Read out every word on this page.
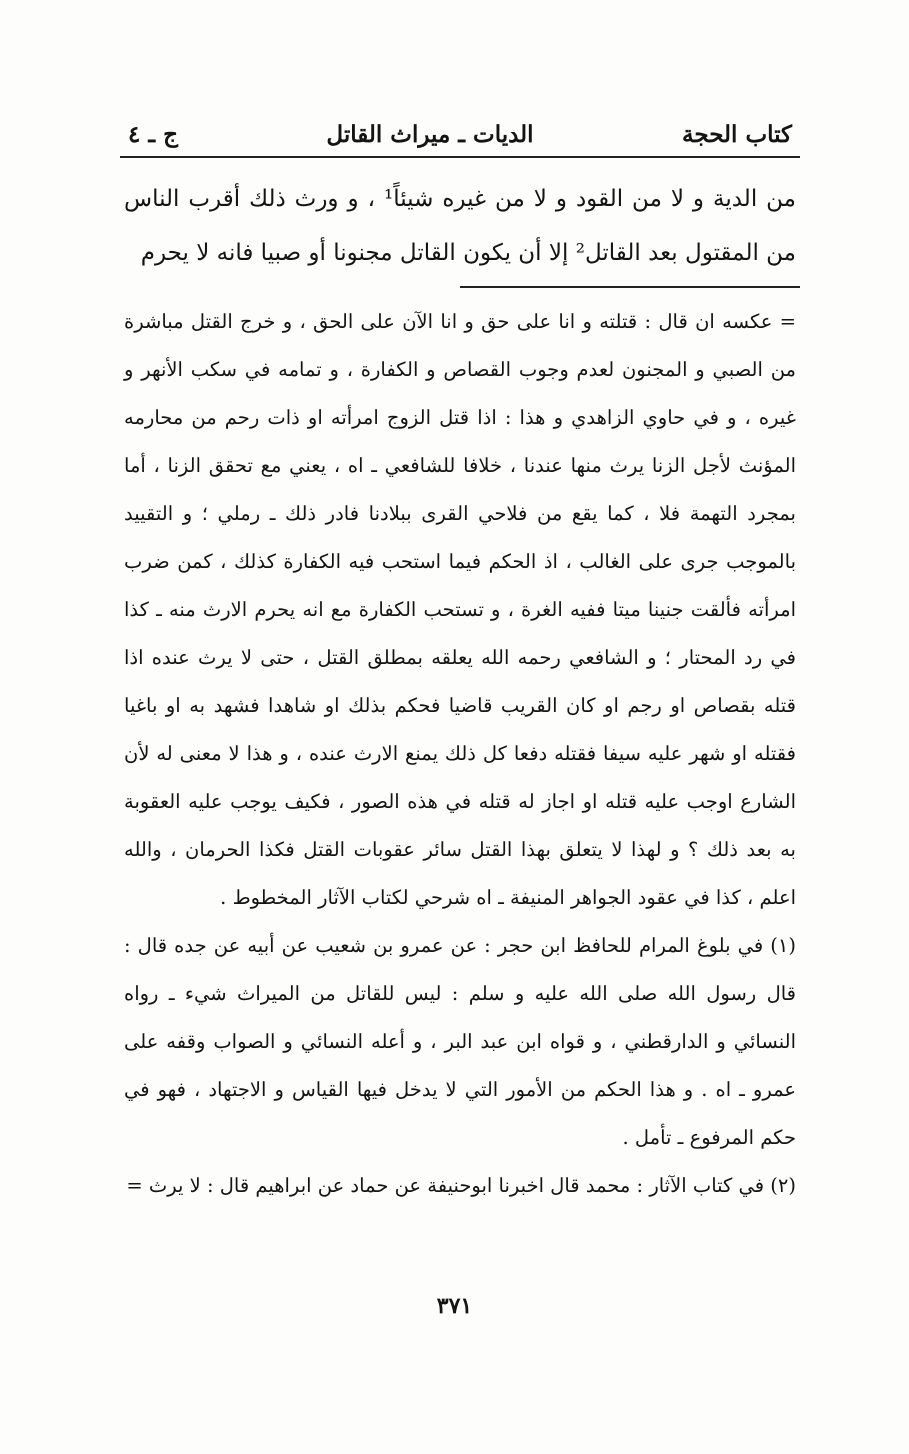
كتاب الحجة
الديات ـ ميراث القاتل
ج ـ ٤

من الدية و لا من القود و لا من غيره شيئاً¹ ، و ورث ذلك أقرب الناس من المقتول بعد القاتل² إلا أن يكون القاتل مجنونا أو صبيا فانه لا يحرم

= عكسه ان قال : قتلته و انا على حق و انا الآن على الحق ، و خرج القتل مباشرة من الصبي و المجنون لعدم وجوب القصاص و الكفارة ، و تمامه في سكب الأنهر و غيره ، و في حاوي الزاهدي و هذا : اذا قتل الزوج امرأته او ذات رحم من محارمه المؤنث لأجل الزنا يرث منها عندنا ، خلافا للشافعي ـ اه ، يعني مع تحقق الزنا ، أما بمجرد التهمة فلا ، كما يقع من فلاحي القرى ببلادنا فادر ذلك ـ رملي ؛ و التقييد بالموجب جرى على الغالب ، اذ الحكم فيما استحب فيه الكفارة كذلك ، كمن ضرب امرأته فألقت جنينا ميتا ففيه الغرة ، و تستحب الكفارة مع انه يحرم الارث منه ـ كذا في رد المحتار ؛ و الشافعي رحمه الله يعلقه بمطلق القتل ، حتى لا يرث عنده اذا قتله بقصاص او رجم او كان القريب قاضيا فحكم بذلك او شاهدا فشهد به او باغيا فقتله او شهر عليه سيفا فقتله دفعا كل ذلك يمنع الارث عنده ، و هذا لا معنى له لأن الشارع اوجب عليه قتله او اجاز له قتله في هذه الصور ، فكيف يوجب عليه العقوبة به بعد ذلك ؟ و لهذا لا يتعلق بهذا القتل سائر عقوبات القتل فكذا الحرمان ، والله اعلم ، كذا في عقود الجواهر المنيفة ـ اه شرحي لكتاب الآثار المخطوط .

(١) في بلوغ المرام للحافظ ابن حجر : عن عمرو بن شعيب عن أبيه عن جده قال : قال رسول الله صلى الله عليه و سلم : ليس للقاتل من الميراث شيء ـ رواه النسائي و الدارقطني ، و قواه ابن عبد البر ، و أعله النسائي و الصواب وقفه على عمرو ـ اه . و هذا الحكم من الأمور التي لا يدخل فيها القياس و الاجتهاد ، فهو في حكم المرفوع ـ تأمل .

(٢) في كتاب الآثار : محمد قال اخبرنا ابوحنيفة عن حماد عن ابراهيم قال : لا يرث =

٣٧١
